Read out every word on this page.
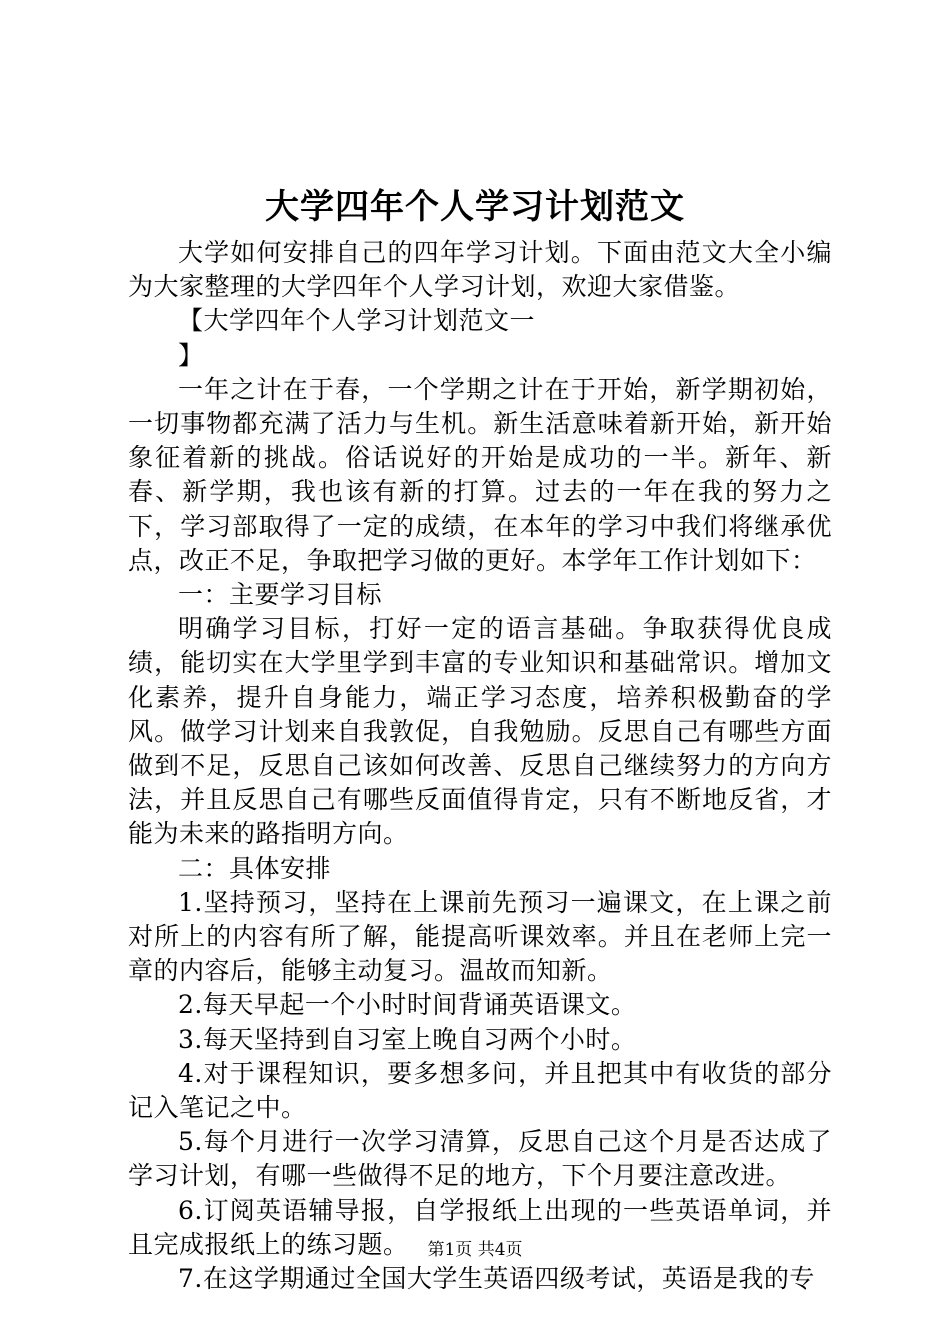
大学四年个人学习计划范文

大学如何安排自己的四年学习计划。下面由范文大全小编为大家整理的大学四年个人学习计划，欢迎大家借鉴。

【大学四年个人学习计划范文一

】

一年之计在于春，一个学期之计在于开始，新学期初始，一切事物都充满了活力与生机。新生活意味着新开始，新开始象征着新的挑战。俗话说好的开始是成功的一半。新年、新春、新学期，我也该有新的打算。过去的一年在我的努力之下，学习部取得了一定的成绩，在本年的学习中我们将继承优点，改正不足，争取把学习做的更好。本学年工作计划如下：

一：主要学习目标

明确学习目标，打好一定的语言基础。争取获得优良成绩，能切实在大学里学到丰富的专业知识和基础常识。增加文化素养，提升自身能力，端正学习态度，培养积极勤奋的学风。做学习计划来自我敦促，自我勉励。反思自己有哪些方面做到不足，反思自己该如何改善、反思自己继续努力的方向方法，并且反思自己有哪些反面值得肯定，只有不断地反省，才能为未来的路指明方向。

二：具体安排

1.坚持预习，坚持在上课前先预习一遍课文，在上课之前对所上的内容有所了解，能提高听课效率。并且在老师上完一章的内容后，能够主动复习。温故而知新。

2.每天早起一个小时时间背诵英语课文。

3.每天坚持到自习室上晚自习两个小时。

4.对于课程知识，要多想多问，并且把其中有收货的部分记入笔记之中。

5.每个月进行一次学习清算，反思自己这个月是否达成了学习计划，有哪一些做得不足的地方，下个月要注意改进。

6.订阅英语辅导报，自学报纸上出现的一些英语单词，并且完成报纸上的练习题。

7.在这学期通过全国大学生英语四级考试，英语是我的专

第1页 共4页
